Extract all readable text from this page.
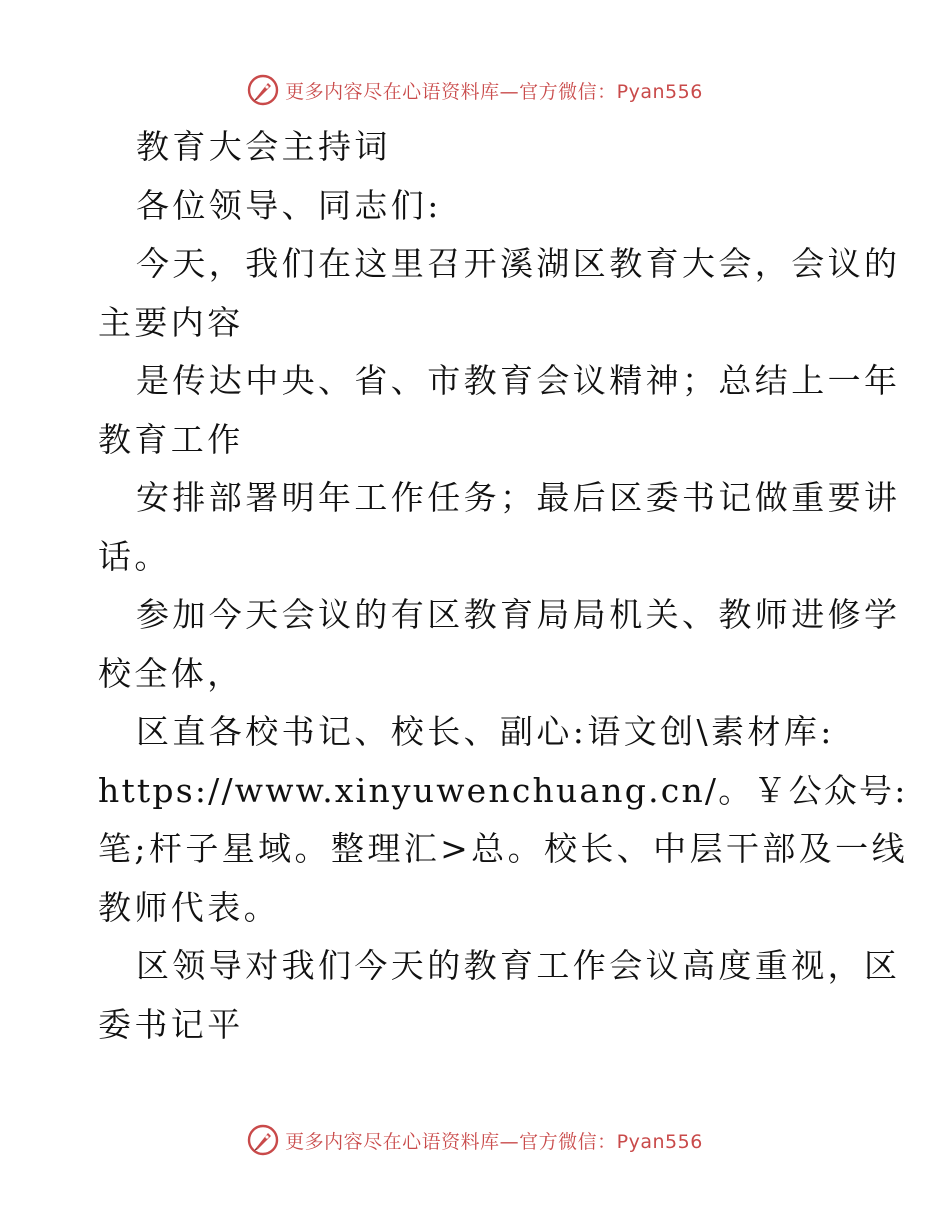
更多内容尽在心语资料库—官方微信：Pyan556
教育大会主持词
各位领导、同志们:
今天，我们在这里召开溪湖区教育大会，会议的
主要内容
是传达中央、省、市教育会议精神；总结上一年
教育工作
安排部署明年工作任务；最后区委书记做重要讲
话。
参加今天会议的有区教育局局机关、教师进修学
校全体，
区直各校书记、校长、副心:语文创\素材库:
https://www.xinyuwenchuang.cn/。￥公众号:
笔;杆子星域。整理汇>总。校长、中层干部及一线
教师代表。
区领导对我们今天的教育工作会议高度重视，区
委书记平
更多内容尽在心语资料库—官方微信：Pyan556
